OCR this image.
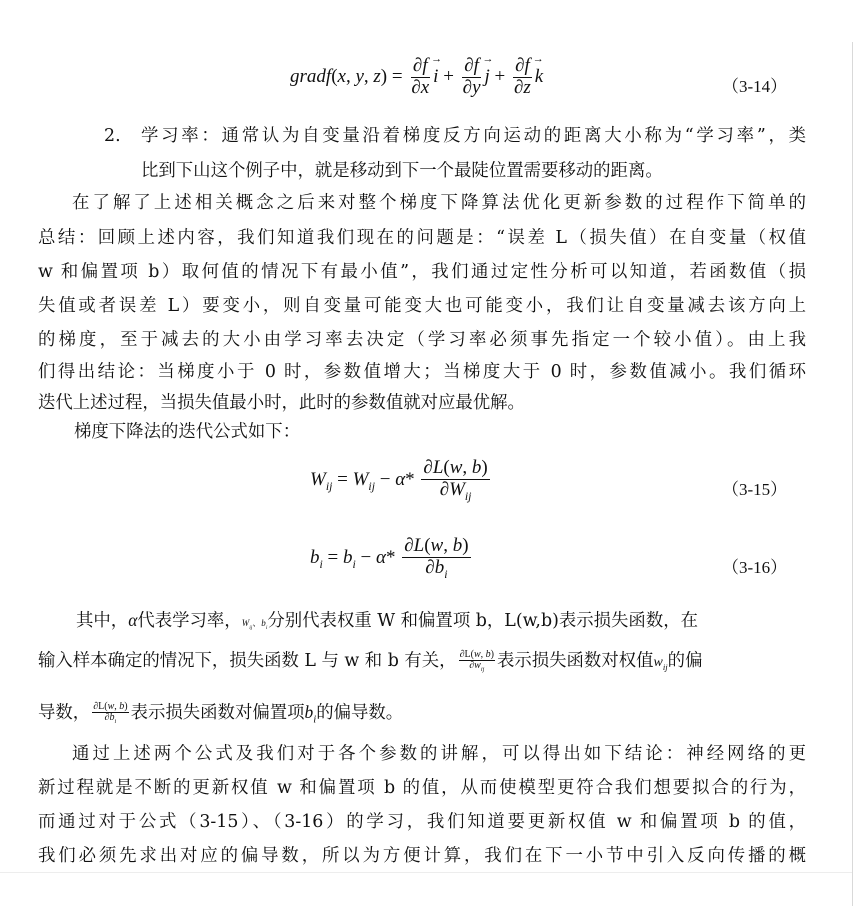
gradf(x, y, $z) = \frac{\partial f}{\partial x}$
→ $i + \frac{\partial f}{\partial y}$
→ $j + \frac{\partial f}{\partial z}$
→ k	（3-14）
2.	学习率：通常认为自变量沿着梯度反方向运动的距离大小称为“学习率”，类
比到下山这个例子中，就是移动到下一个最陡位置需要移动的距离。
在了解了上述相关概念之后来对整个梯度下降算法优化更新参数的过程作下简单的
总结：回顾上述内容，我们知道我们现在的问题是：“误差 L（损失值）在自变量（权值
w 和偏置项 b）取何值的情况下有最小值”，我们通过定性分析可以知道，若函数值（损
失值或者误差 L）要变小，则自变量可能变大也可能变小，我们让自变量减去该方向上
的梯度，至于减去的大小由学习率去决定（学习率必须事先指定一个较小值）。由上我
们得出结论：当梯度小于 0 时，参数值增大；当梯度大于 0 时，参数值减小。我们循环
迭代上述过程，当损失值最小时，此时的参数值就对应最优解。
梯度下降法的迭代公式如下：
$W_{ij} = W_{ij} - \alpha* \frac{\partial L(w, b)}{\partial W_{ij}}$	（3-15）
$b_i = b_i - \alpha* \frac{\partial L(w, b)}{\partial b_i}$	（3-16）
其中，α代表学习率，$W_{ij}$、$b_i$分别代表权重 W 和偏置项 b，L(w,b)表示损失函数，在
输入样本确定的情况下，损失函数 L 与 w 和 b 有关， $\frac{\partial L(w, b)}{\partial w_{ij}}$ 表示损失函数对权值$w_{ij}$的偏
导数， $\frac{\partial L(w, b)}{\partial b_i}$ 表示损失函数对偏置项$b_i$的偏导数。
通过上述两个公式及我们对于各个参数的讲解，可以得出如下结论：神经网络的更
新过程就是不断的更新权值 w 和偏置项 b 的值，从而使模型更符合我们想要拟合的行为，
而通过对于公式（3-15）、（3-16）的学习，我们知道要更新权值 w 和偏置项 b 的值，
我们必须先求出对应的偏导数，所以为方便计算，我们在下一小节中引入反向传播的概
